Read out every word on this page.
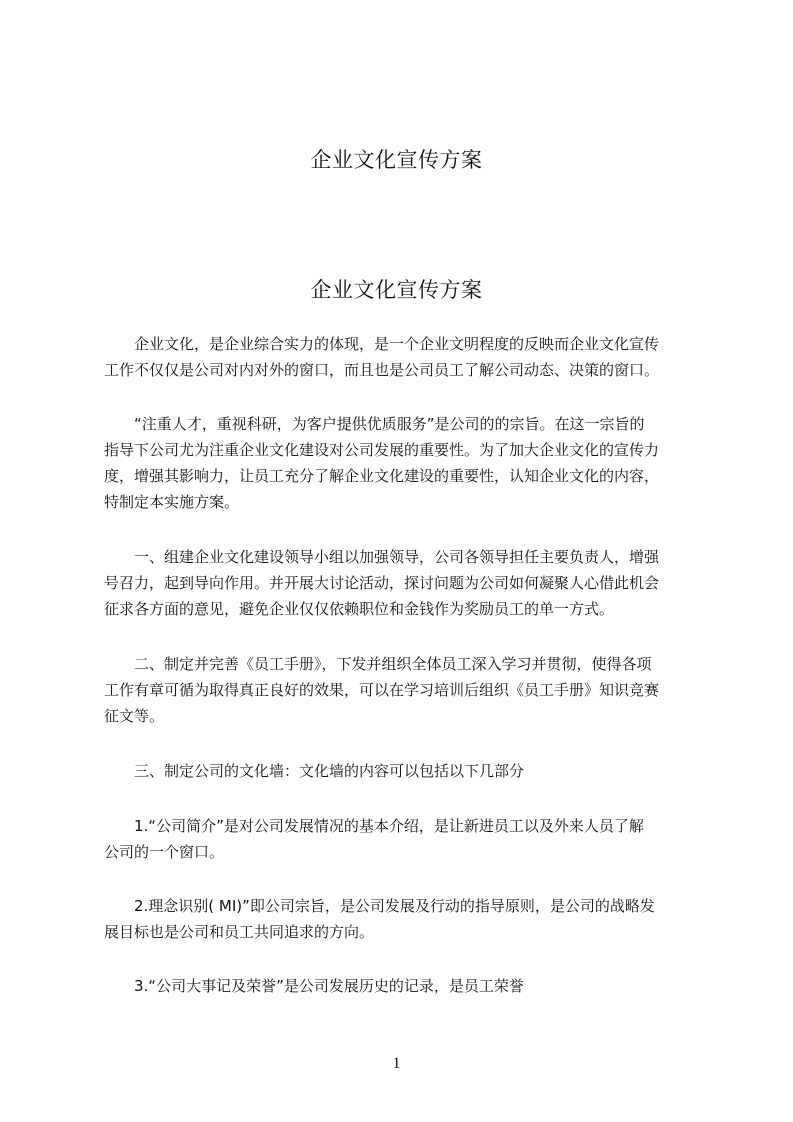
企业文化宣传方案
企业文化宣传方案
　　企业文化，是企业综合实力的体现，是一个企业文明程度的反映而企业文化宣传
工作不仅仅是公司对内对外的窗口，而且也是公司员工了解公司动态、决策的窗口。
　　“注重人才，重视科研，为客户提供优质服务”是公司的的宗旨。在这一宗旨的
指导下公司尤为注重企业文化建设对公司发展的重要性。为了加大企业文化的宣传力
度，增强其影响力，让员工充分了解企业文化建设的重要性，认知企业文化的内容，
特制定本实施方案。
　　一、组建企业文化建设领导小组以加强领导，公司各领导担任主要负责人，增强
号召力，起到导向作用。并开展大讨论活动，探讨问题为公司如何凝聚人心借此机会
征求各方面的意见，避免企业仅仅依赖职位和金钱作为奖励员工的单一方式。
　　二、制定并完善《员工手册》，下发并组织全体员工深入学习并贯彻，使得各项
工作有章可循为取得真正良好的效果，可以在学习培训后组织《员工手册》知识竞赛
征文等。
　　三、制定公司的文化墙：文化墙的内容可以包括以下几部分
　　1.“公司简介”是对公司发展情况的基本介绍，是让新进员工以及外来人员了解
公司的一个窗口。
　　2.理念识别( MI)”即公司宗旨，是公司发展及行动的指导原则，是公司的战略发
展目标也是公司和员工共同追求的方向。
　　3.“公司大事记及荣誉”是公司发展历史的记录，是员工荣誉
1
